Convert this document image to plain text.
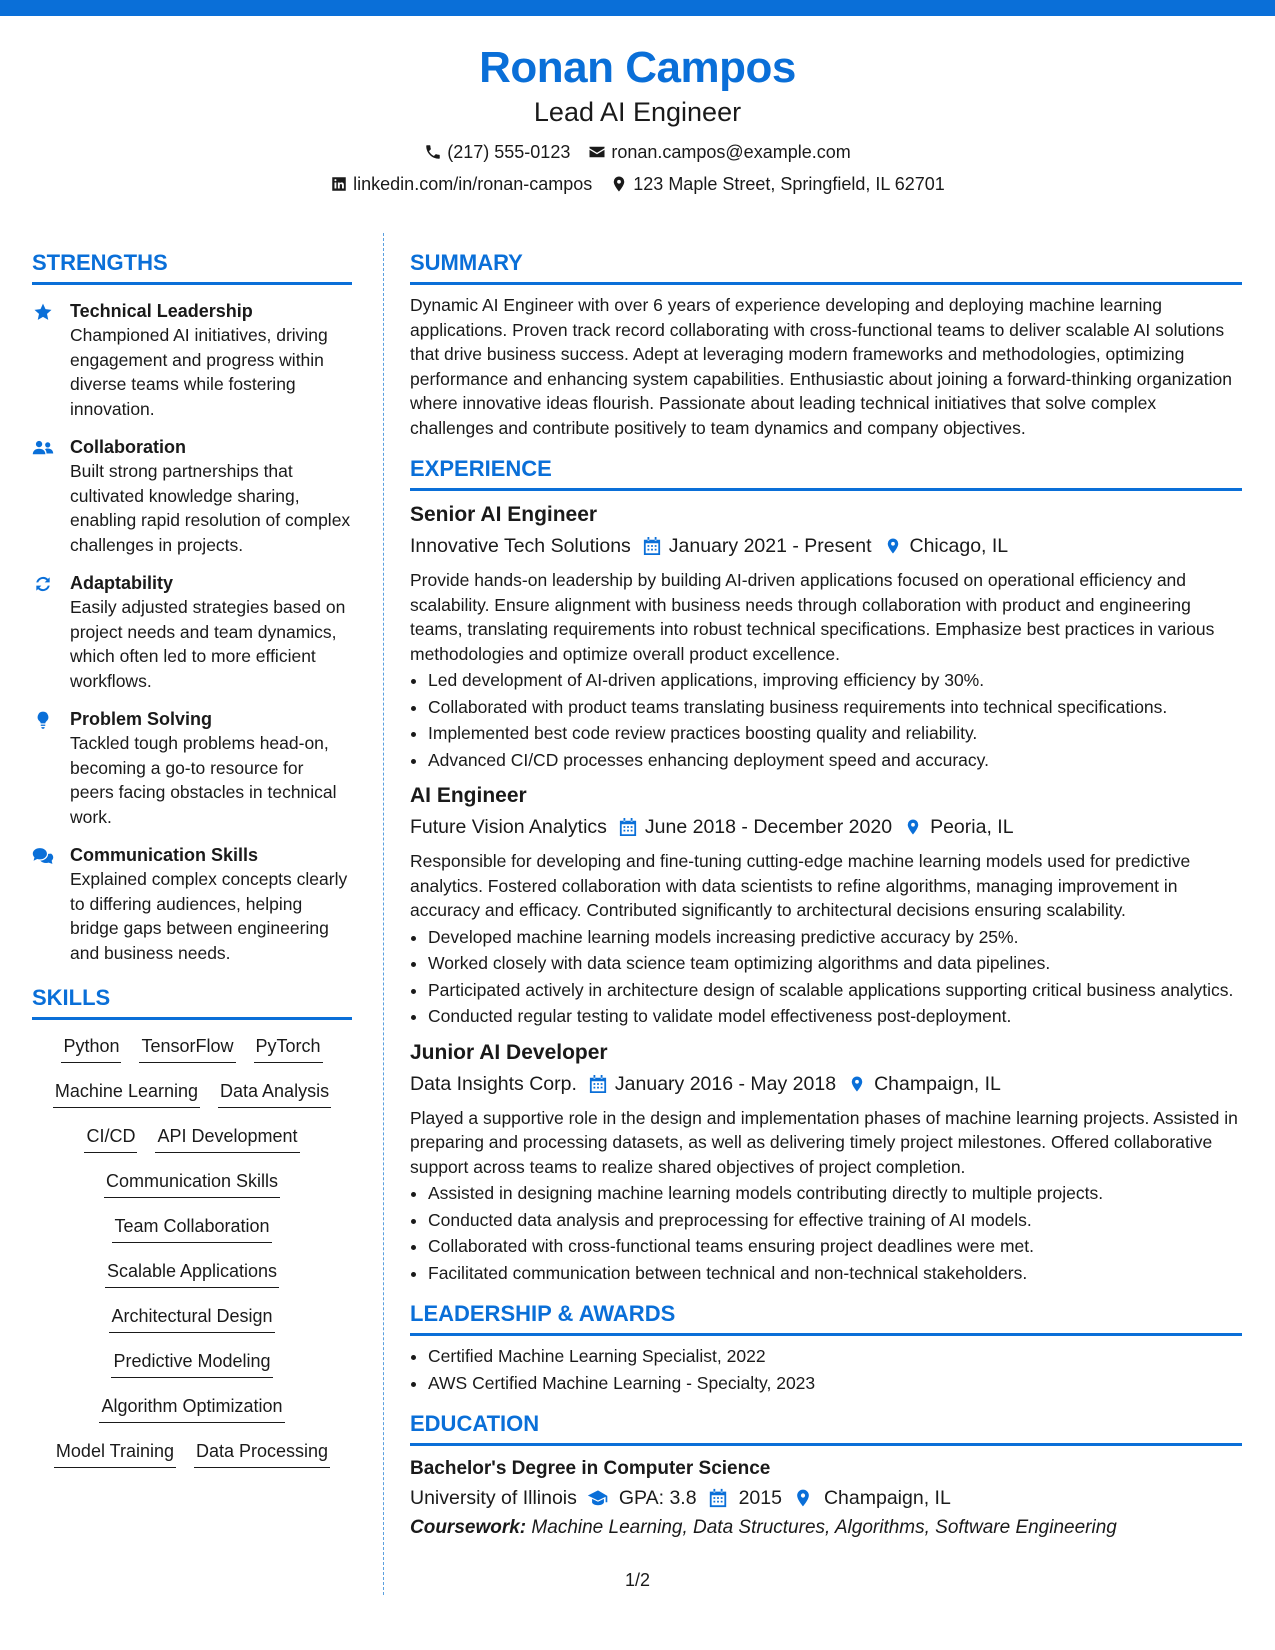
Ronan Campos
Lead AI Engineer
(217) 555-0123 ronan.campos@example.com
linkedin.com/in/ronan-campos 123 Maple Street, Springfield, IL 62701
STRENGTHS
Technical Leadership
Championed AI initiatives, driving engagement and progress within diverse teams while fostering innovation.
Collaboration
Built strong partnerships that cultivated knowledge sharing, enabling rapid resolution of complex challenges in projects.
Adaptability
Easily adjusted strategies based on project needs and team dynamics, which often led to more efficient workflows.
Problem Solving
Tackled tough problems head-on, becoming a go-to resource for peers facing obstacles in technical work.
Communication Skills
Explained complex concepts clearly to differing audiences, helping bridge gaps between engineering and business needs.
SKILLS
Python TensorFlow PyTorch
Machine Learning Data Analysis
CI/CD API Development
Communication Skills
Team Collaboration
Scalable Applications
Architectural Design
Predictive Modeling
Algorithm Optimization
Model Training Data Processing
SUMMARY
Dynamic AI Engineer with over 6 years of experience developing and deploying machine learning applications. Proven track record collaborating with cross-functional teams to deliver scalable AI solutions that drive business success. Adept at leveraging modern frameworks and methodologies, optimizing performance and enhancing system capabilities. Enthusiastic about joining a forward-thinking organization where innovative ideas flourish. Passionate about leading technical initiatives that solve complex challenges and contribute positively to team dynamics and company objectives.
EXPERIENCE
Senior AI Engineer
Innovative Tech Solutions January 2021 - Present Chicago, IL
Provide hands-on leadership by building AI-driven applications focused on operational efficiency and scalability. Ensure alignment with business needs through collaboration with product and engineering teams, translating requirements into robust technical specifications. Emphasize best practices in various methodologies and optimize overall product excellence.
• Led development of AI-driven applications, improving efficiency by 30%.
• Collaborated with product teams translating business requirements into technical specifications.
• Implemented best code review practices boosting quality and reliability.
• Advanced CI/CD processes enhancing deployment speed and accuracy.
AI Engineer
Future Vision Analytics June 2018 - December 2020 Peoria, IL
Responsible for developing and fine-tuning cutting-edge machine learning models used for predictive analytics. Fostered collaboration with data scientists to refine algorithms, managing improvement in accuracy and efficacy. Contributed significantly to architectural decisions ensuring scalability.
• Developed machine learning models increasing predictive accuracy by 25%.
• Worked closely with data science team optimizing algorithms and data pipelines.
• Participated actively in architecture design of scalable applications supporting critical business analytics.
• Conducted regular testing to validate model effectiveness post-deployment.
Junior AI Developer
Data Insights Corp. January 2016 - May 2018 Champaign, IL
Played a supportive role in the design and implementation phases of machine learning projects. Assisted in preparing and processing datasets, as well as delivering timely project milestones. Offered collaborative support across teams to realize shared objectives of project completion.
• Assisted in designing machine learning models contributing directly to multiple projects.
• Conducted data analysis and preprocessing for effective training of AI models.
• Collaborated with cross-functional teams ensuring project deadlines were met.
• Facilitated communication between technical and non-technical stakeholders.
LEADERSHIP & AWARDS
• Certified Machine Learning Specialist, 2022
• AWS Certified Machine Learning - Specialty, 2023
EDUCATION
Bachelor's Degree in Computer Science
University of Illinois GPA: 3.8 2015 Champaign, IL
Coursework: Machine Learning, Data Structures, Algorithms, Software Engineering
1/2
